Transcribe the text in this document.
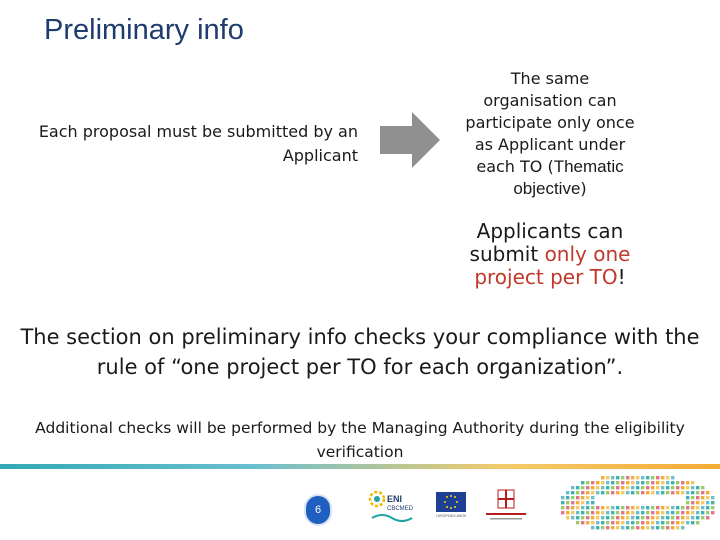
Preliminary info
Each proposal must be submitted by an Applicant
The same organisation can participate only once as Applicant under each TO (Thematic objective)
Applicants can submit only one project per TO!
The section on preliminary info checks your compliance with the rule of “one project per TO for each organization”.
Additional checks will be performed by the Managing Authority during the eligibility verification
6
ENI
CBCMED
EUROPEAN UNION
